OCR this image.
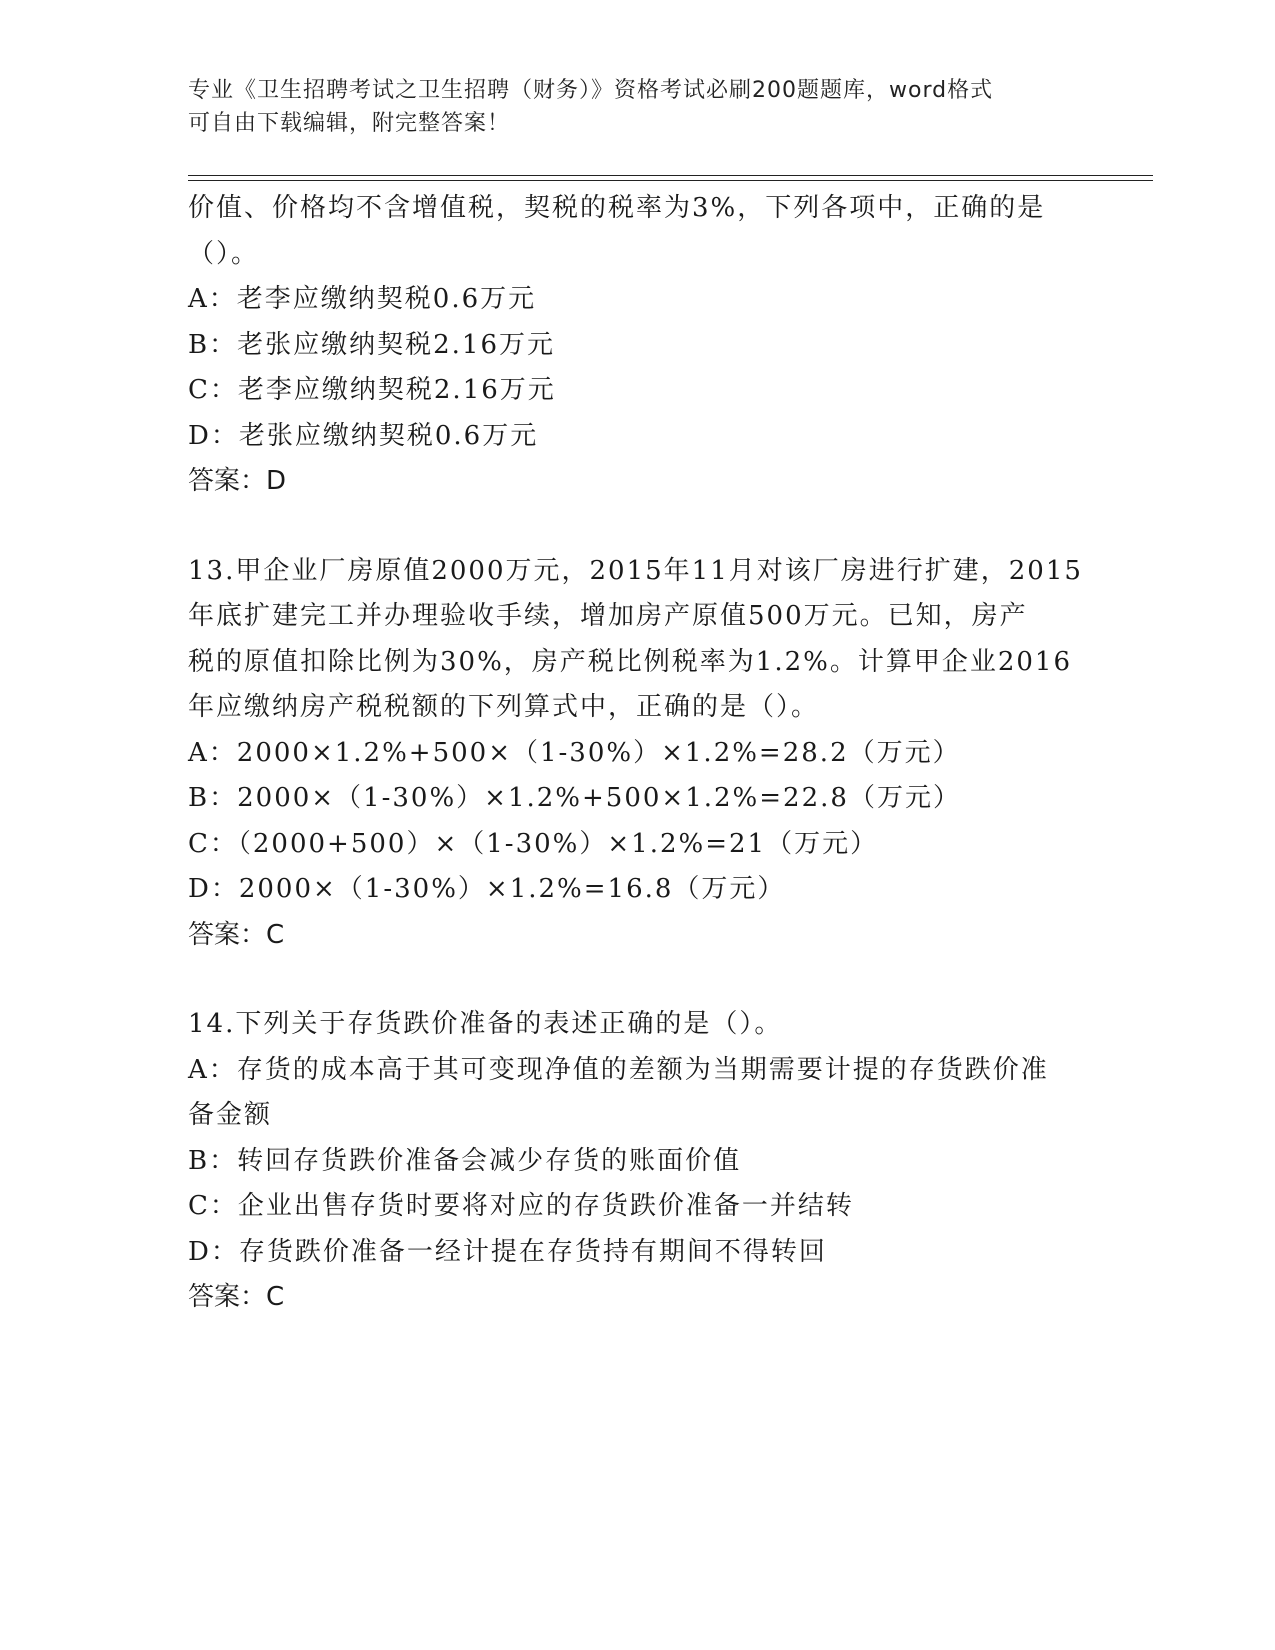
专业《卫生招聘考试之卫生招聘（财务）》资格考试必刷200题题库，word格式
可自由下载编辑，附完整答案！
价值、价格均不含增值税，契税的税率为3%，下列各项中，正确的是
（）。
A：老李应缴纳契税0.6万元
B：老张应缴纳契税2.16万元
C：老李应缴纳契税2.16万元
D：老张应缴纳契税0.6万元
答案：D
13.甲企业厂房原值2000万元，2015年11月对该厂房进行扩建，2015
年底扩建完工并办理验收手续，增加房产原值500万元。已知，房产
税的原值扣除比例为30%，房产税比例税率为1.2%。计算甲企业2016
年应缴纳房产税税额的下列算式中，正确的是（）。
A：2000×1.2%+500×（1-30%）×1.2%=28.2（万元）
B：2000×（1-30%）×1.2%+500×1.2%=22.8（万元）
C：（2000+500）×（1-30%）×1.2%=21（万元）
D：2000×（1-30%）×1.2%=16.8（万元）
答案：C
14.下列关于存货跌价准备的表述正确的是（）。
A：存货的成本高于其可变现净值的差额为当期需要计提的存货跌价准
备金额
B：转回存货跌价准备会减少存货的账面价值
C：企业出售存货时要将对应的存货跌价准备一并结转
D：存货跌价准备一经计提在存货持有期间不得转回
答案：C
